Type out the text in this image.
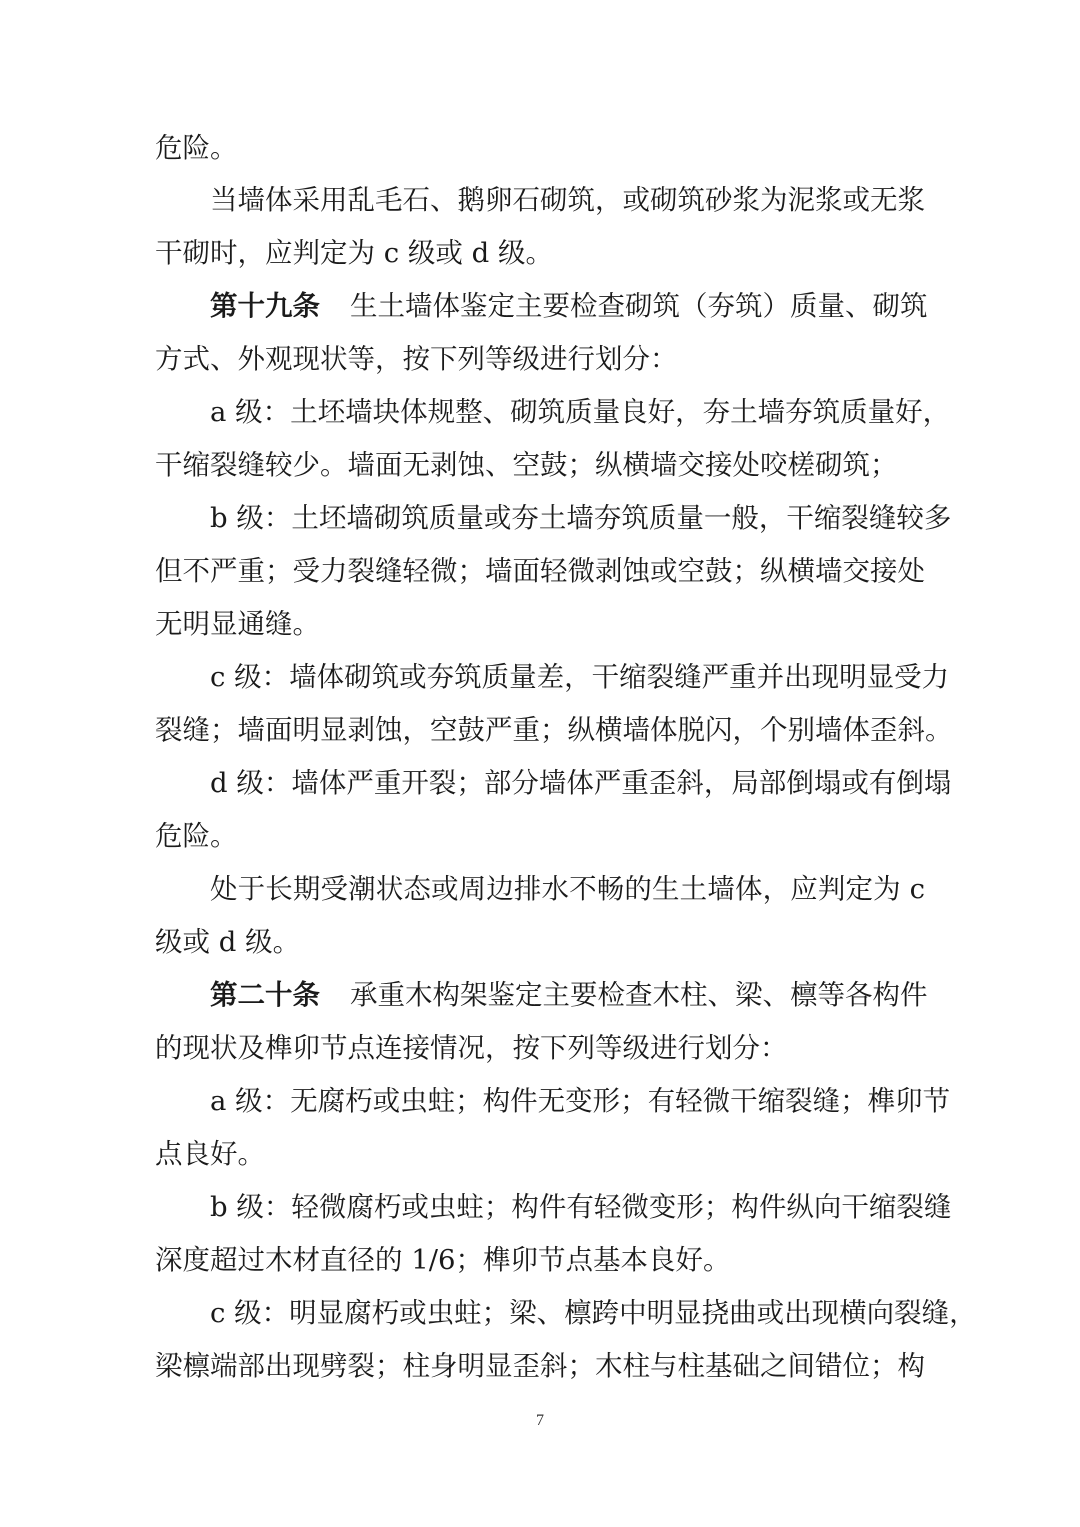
危险。
当墙体采用乱毛石、鹅卵石砌筑，或砌筑砂浆为泥浆或无浆
干砌时，应判定为 c 级或 d 级。
第十九条 生土墙体鉴定主要检查砌筑（夯筑）质量、砌筑
方式、外观现状等，按下列等级进行划分：
a 级：土坯墙块体规整、砌筑质量良好，夯土墙夯筑质量好，
干缩裂缝较少。墙面无剥蚀、空鼓；纵横墙交接处咬槎砌筑；
b 级：土坯墙砌筑质量或夯土墙夯筑质量一般，干缩裂缝较多
但不严重；受力裂缝轻微；墙面轻微剥蚀或空鼓；纵横墙交接处
无明显通缝。
c 级：墙体砌筑或夯筑质量差，干缩裂缝严重并出现明显受力
裂缝；墙面明显剥蚀，空鼓严重；纵横墙体脱闪，个别墙体歪斜。
d 级：墙体严重开裂；部分墙体严重歪斜，局部倒塌或有倒塌
危险。
处于长期受潮状态或周边排水不畅的生土墙体，应判定为 c
级或 d 级。
第二十条 承重木构架鉴定主要检查木柱、梁、檩等各构件
的现状及榫卯节点连接情况，按下列等级进行划分：
a 级：无腐朽或虫蛀；构件无变形；有轻微干缩裂缝；榫卯节
点良好。
b 级：轻微腐朽或虫蛀；构件有轻微变形；构件纵向干缩裂缝
深度超过木材直径的 1/6；榫卯节点基本良好。
c 级：明显腐朽或虫蛀；梁、檩跨中明显挠曲或出现横向裂缝，
梁檩端部出现劈裂；柱身明显歪斜；木柱与柱基础之间错位；构
7
